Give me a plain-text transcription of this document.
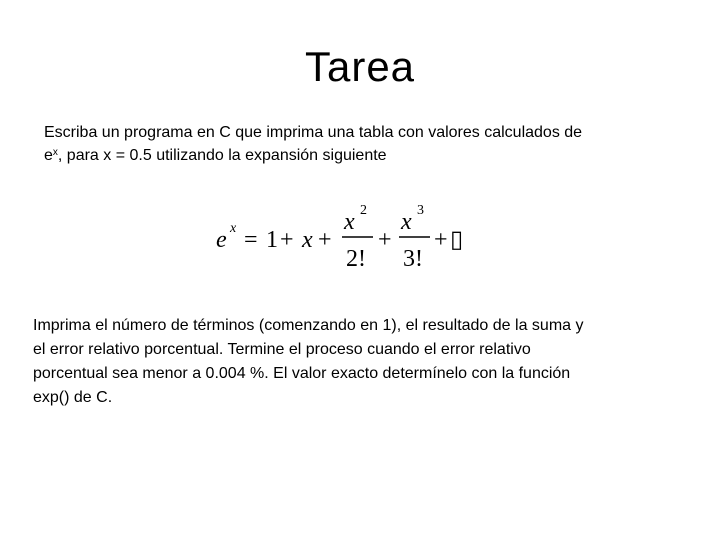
Tarea
Escriba un programa en C que imprima una tabla con valores calculados de
$e^x$, para x = 0.5 utilizando la expansión siguiente
e x = 1 + x +
x 2
2!
+
x 3
3!
+ ▯
Imprima el número de términos (comenzando en 1), el resultado de la suma y
el error relativo porcentual. Termine el proceso cuando el error relativo
porcentual sea menor a 0.004 %. El valor exacto determínelo con la función
exp() de C.
